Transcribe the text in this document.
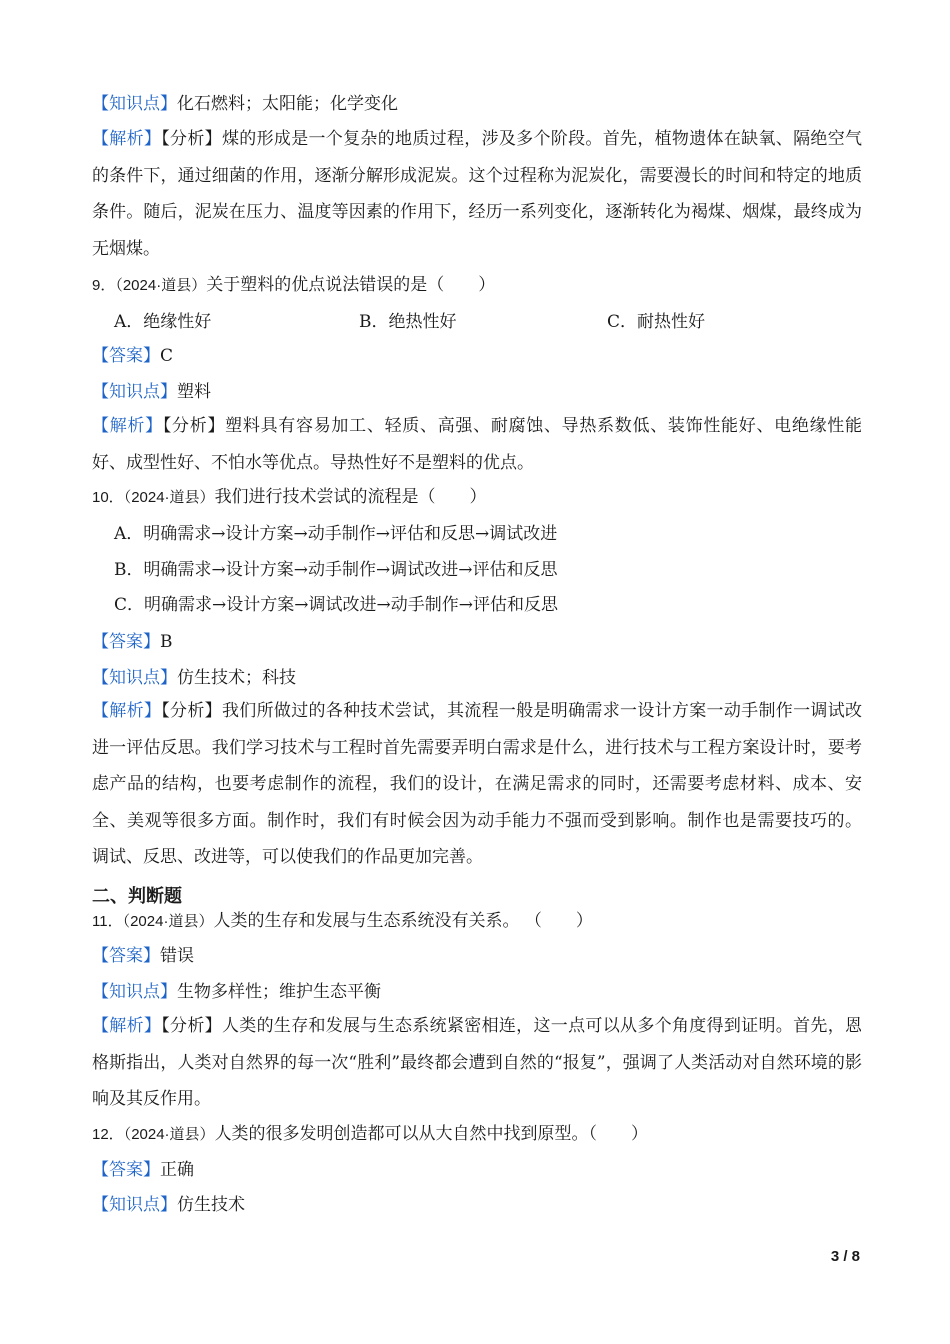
【知识点】化石燃料；太阳能；化学变化
【解析】【分析】煤的形成是一个复杂的地质过程，涉及多个阶段。首先，植物遗体在缺氧、隔绝空气的条件下，通过细菌的作用，逐渐分解形成泥炭。这个过程称为泥炭化，需要漫长的时间和特定的地质条件。随后，泥炭在压力、温度等因素的作用下，经历一系列变化，逐渐转化为褐煤、烟煤，最终成为无烟煤。
9．（2024·道县）关于塑料的优点说法错误的是（　　）
A．绝缘性好	B．绝热性好	C．耐热性好
【答案】C
【知识点】塑料
【解析】【分析】塑料具有容易加工、轻质、高强、耐腐蚀、导热系数低、装饰性能好、电绝缘性能好、成型性好、不怕水等优点。导热性好不是塑料的优点。
10．（2024·道县）我们进行技术尝试的流程是（　　）
A．明确需求→设计方案→动手制作→评估和反思→调试改进
B．明确需求→设计方案→动手制作→调试改进→评估和反思
C．明确需求→设计方案→调试改进→动手制作→评估和反思
【答案】B
【知识点】仿生技术；科技
【解析】【分析】我们所做过的各种技术尝试，其流程一般是明确需求一设计方案一动手制作一调试改进一评估反思。我们学习技术与工程时首先需要弄明白需求是什么，进行技术与工程方案设计时，要考虑产品的结构，也要考虑制作的流程，我们的设计，在满足需求的同时，还需要考虑材料、成本、安全、美观等很多方面。制作时，我们有时候会因为动手能力不强而受到影响。制作也是需要技巧的。 调试、反思、改进等，可以使我们的作品更加完善。
二、判断题
11．（2024·道县）人类的生存和发展与生态系统没有关系。 （　　）
【答案】错误
【知识点】生物多样性；维护生态平衡
【解析】【分析】人类的生存和发展与生态系统紧密相连，这一点可以从多个角度得到证明。首先，恩格斯指出，人类对自然界的每一次“胜利”最终都会遭到自然的“报复”，强调了人类活动对自然环境的影响及其反作用。
12．（2024·道县）人类的很多发明创造都可以从大自然中找到原型。（　　）
【答案】正确
【知识点】仿生技术
3 / 8
